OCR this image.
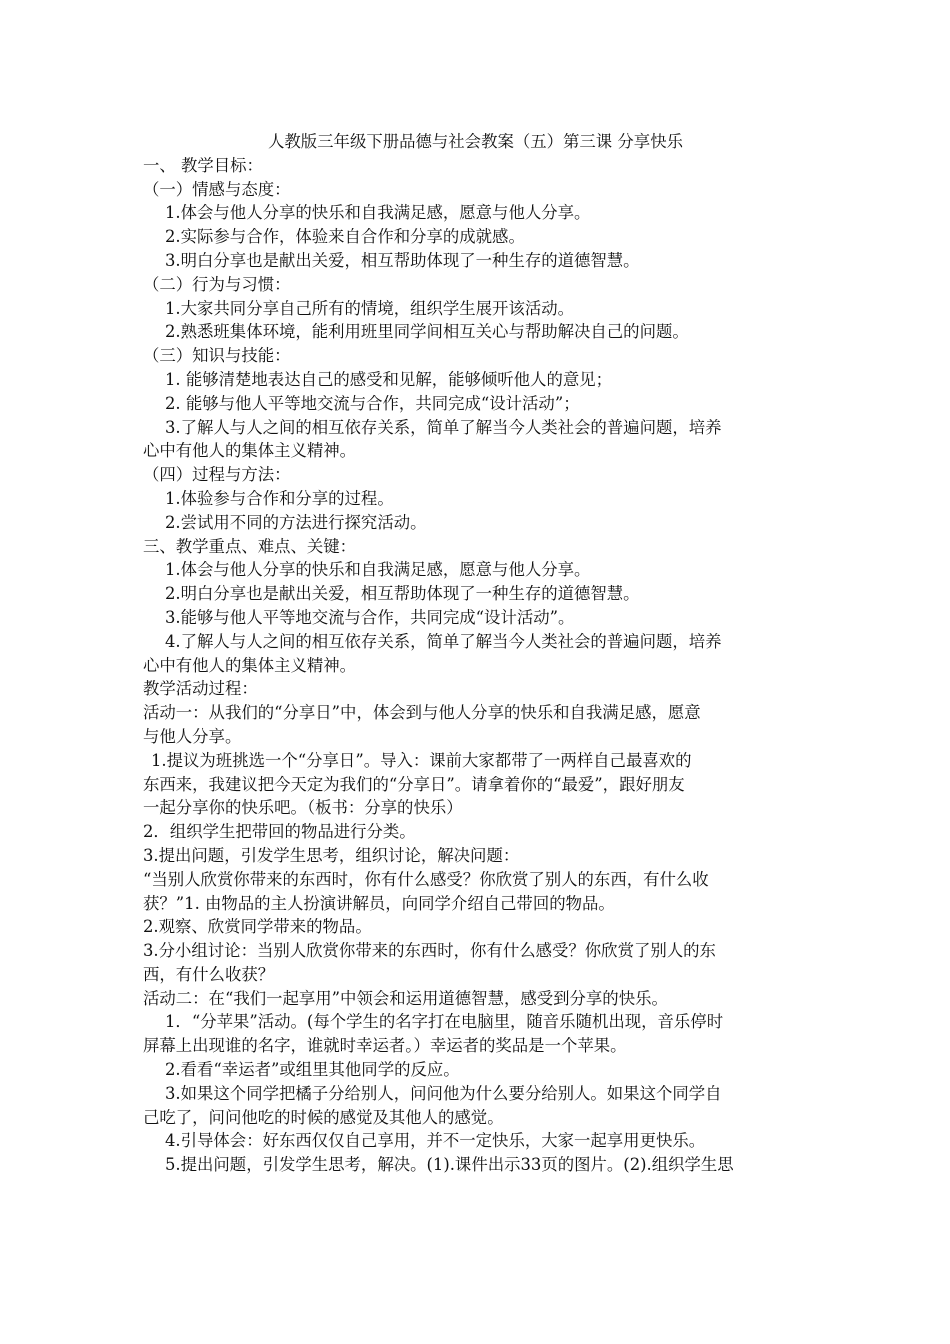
人教版三年级下册品德与社会教案（五）第三课 分享快乐

一、 教学目标：

（一）情感与态度：

1.体会与他人分享的快乐和自我满足感，愿意与他人分享。

2.实际参与合作，体验来自合作和分享的成就感。

3.明白分享也是献出关爱，相互帮助体现了一种生存的道德智慧。

（二）行为与习惯：

1.大家共同分享自己所有的情境，组织学生展开该活动。

2.熟悉班集体环境，能利用班里同学间相互关心与帮助解决自己的问题。

（三）知识与技能：

1. 能够清楚地表达自己的感受和见解，能够倾听他人的意见；

2. 能够与他人平等地交流与合作，共同完成“设计活动”；

3.了解人与人之间的相互依存关系，简单了解当今人类社会的普遍问题，培养

心中有他人的集体主义精神。

（四）过程与方法：

1.体验参与合作和分享的过程。

2.尝试用不同的方法进行探究活动。

三、教学重点、难点、关键：

1.体会与他人分享的快乐和自我满足感，愿意与他人分享。

2.明白分享也是献出关爱，相互帮助体现了一种生存的道德智慧。

3.能够与他人平等地交流与合作，共同完成“设计活动”。

4.了解人与人之间的相互依存关系，简单了解当今人类社会的普遍问题，培养

心中有他人的集体主义精神。

教学活动过程：

活动一：从我们的“分享日”中，体会到与他人分享的快乐和自我满足感，愿意

与他人分享。

1.提议为班挑选一个“分享日”。导入：课前大家都带了一两样自己最喜欢的

东西来，我建议把今天定为我们的“分享日”。请拿着你的“最爱”，跟好朋友

一起分享你的快乐吧。（板书：分享的快乐）

2．组织学生把带回的物品进行分类。

3.提出问题，引发学生思考，组织讨论，解决问题：

“当别人欣赏你带来的东西时，你有什么感受？你欣赏了别人的东西，有什么收

获？”1. 由物品的主人扮演讲解员，向同学介绍自己带回的物品。

2.观察、欣赏同学带来的物品。

3.分小组讨论：当别人欣赏你带来的东西时，你有什么感受？你欣赏了别人的东

西，有什么收获？

活动二：在“我们一起享用”中领会和运用道德智慧，感受到分享的快乐。

1．“分苹果”活动。(每个学生的名字打在电脑里，随音乐随机出现，音乐停时

屏幕上出现谁的名字，谁就时幸运者。）幸运者的奖品是一个苹果。

2.看看“幸运者”或组里其他同学的反应。

3.如果这个同学把橘子分给别人，问问他为什么要分给别人。如果这个同学自

己吃了，问问他吃的时候的感觉及其他人的感觉。

4.引导体会：好东西仅仅自己享用，并不一定快乐，大家一起享用更快乐。

5.提出问题，引发学生思考，解决。(1).课件出示33页的图片。(2).组织学生思
